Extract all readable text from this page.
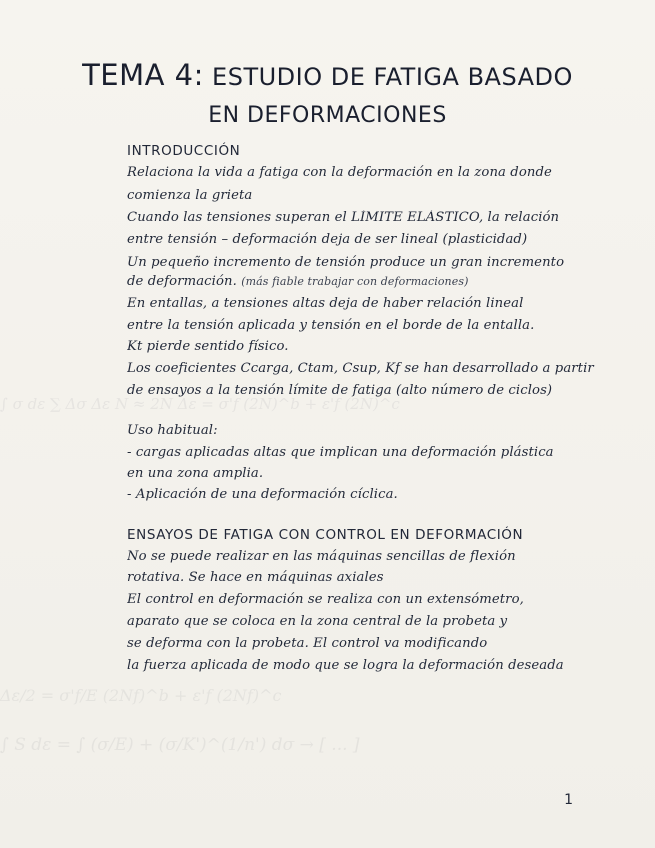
∫ σ dε ∑ Δσ Δε N ≈ 2N Δε = σ'f (2N)^b + ε'f (2N)^c
Δε/2 = σ'f/E (2Nf)^b + ε'f (2Nf)^c
∫ S dε = ∫ (σ/E) + (σ/K')^(1/n') dσ → [ ... ]
TEMA 4: ESTUDIO DE FATIGA BASADO
EN DEFORMACIONES
INTRODUCCIÓN
Relaciona la vida a fatiga con la deformación en la zona donde
comienza la grieta
Cuando las tensiones superan el LÍMITE ELÁSTICO, la relación
entre tensión – deformación deja de ser lineal (plasticidad)
Un pequeño incremento de tensión produce un gran incremento
de deformación. (más fiable trabajar con deformaciones)
En entallas, a tensiones altas deja de haber relación lineal
entre la tensión aplicada y tensión en el borde de la entalla.
Kt pierde sentido físico.
Los coeficientes Ccarga, Ctam, Csup, Kf se han desarrollado a partir
de ensayos a la tensión límite de fatiga (alto número de ciclos)
Uso habitual:
- cargas aplicadas altas que implican una deformación plástica
en una zona amplia.
- Aplicación de una deformación cíclica.
ENSAYOS DE FATIGA CON CONTROL EN DEFORMACIÓN
No se puede realizar en las máquinas sencillas de flexión
rotativa. Se hace en máquinas axiales
El control en deformación se realiza con un extensómetro,
aparato que se coloca en la zona central de la probeta y
se deforma con la probeta. El control va modificando
la fuerza aplicada de modo que se logra la deformación deseada
1
